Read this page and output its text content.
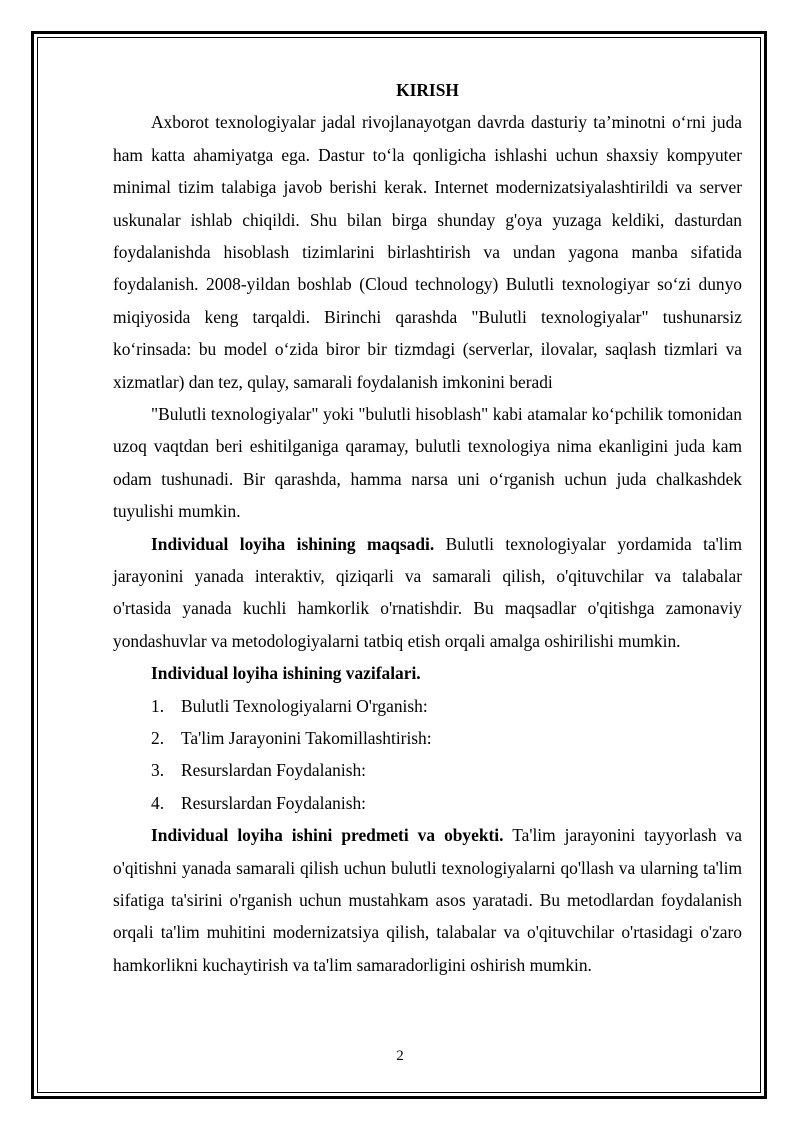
KIRISH

Axborot texnologiyalar jadal rivojlanayotgan davrda dasturiy ta’minotni o‘rni juda ham katta ahamiyatga ega. Dastur to‘la qonligicha ishlashi uchun shaxsiy kompyuter minimal tizim talabiga javob berishi kerak. Internet modernizatsiyalashtirildi va server uskunalar ishlab chiqildi. Shu bilan birga shunday g'oya yuzaga keldiki, dasturdan foydalanishda hisoblash tizimlarini birlashtirish va undan yagona manba sifatida foydalanish. 2008-yildan boshlab (Cloud technology) Bulutli texnologiyar so‘zi dunyo miqiyosida keng tarqaldi. Birinchi qarashda "Bulutli texnologiyalar" tushunarsiz ko‘rinsada: bu model o‘zida biror bir tizmdagi (serverlar, ilovalar, saqlash tizmlari va xizmatlar) dan tez, qulay, samarali foydalanish imkonini beradi

"Bulutli texnologiyalar" yoki "bulutli hisoblash" kabi atamalar ko‘pchilik tomonidan uzoq vaqtdan beri eshitilganiga qaramay, bulutli texnologiya nima ekanligini juda kam odam tushunadi. Bir qarashda, hamma narsa uni o‘rganish uchun juda chalkashdek tuyulishi mumkin.

Individual loyiha ishining maqsadi. Bulutli texnologiyalar yordamida ta'lim jarayonini yanada interaktiv, qiziqarli va samarali qilish, o'qituvchilar va talabalar o'rtasida yanada kuchli hamkorlik o'rnatishdir. Bu maqsadlar o'qitishga zamonaviy yondashuvlar va metodologiyalarni tatbiq etish orqali amalga oshirilishi mumkin.

Individual loyiha ishining vazifalari.

1. Bulutli Texnologiyalarni O'rganish:
2. Ta'lim Jarayonini Takomillashtirish:
3. Resurslardan Foydalanish:
4. Resurslardan Foydalanish:

Individual loyiha ishini predmeti va obyekti. Ta'lim jarayonini tayyorlash va o'qitishni yanada samarali qilish uchun bulutli texnologiyalarni qo'llash va ularning ta'lim sifatiga ta'sirini o'rganish uchun mustahkam asos yaratadi. Bu metodlardan foydalanish orqali ta'lim muhitini modernizatsiya qilish, talabalar va o'qituvchilar o'rtasidagi o'zaro hamkorlikni kuchaytirish va ta'lim samaradorligini oshirish mumkin.

2
